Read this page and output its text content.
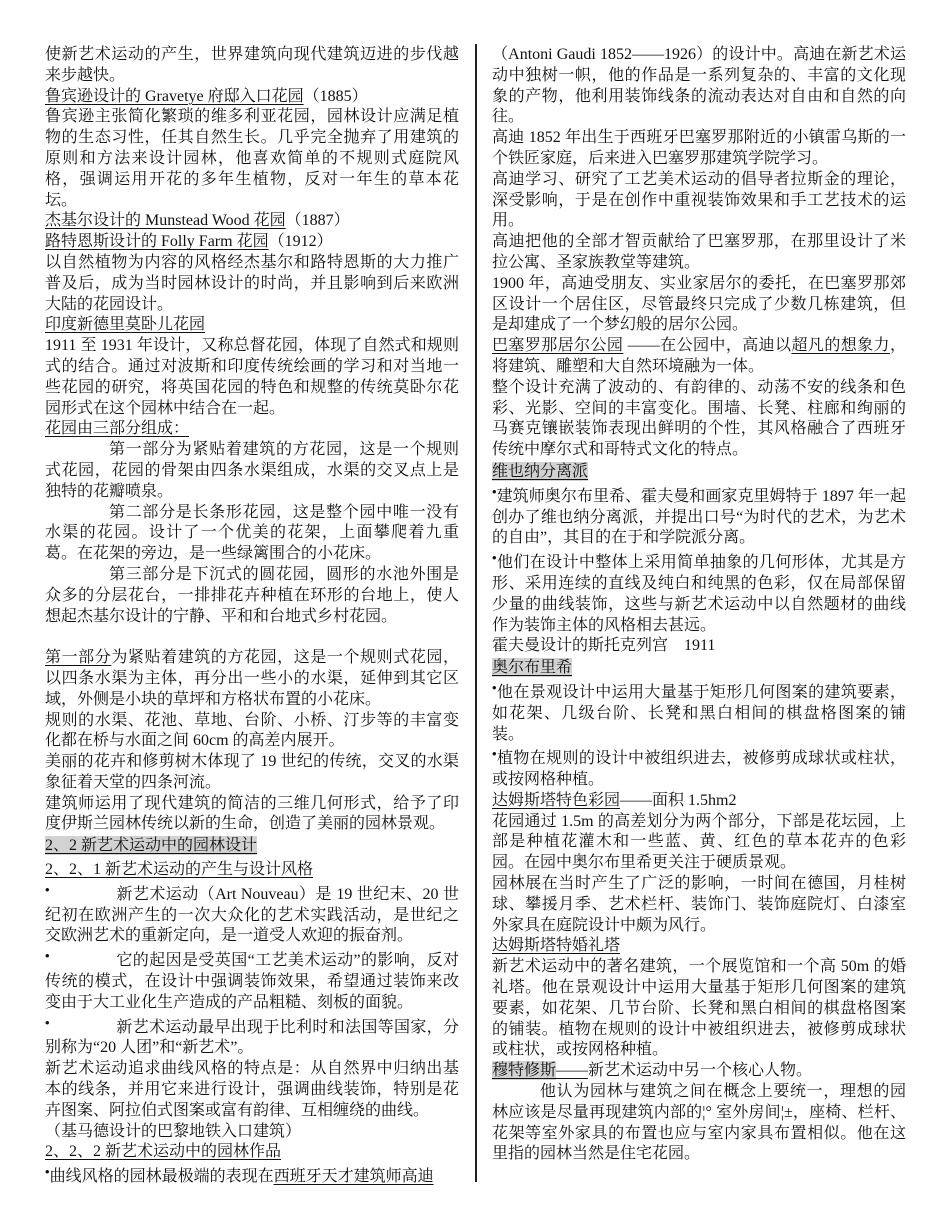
使新艺术运动的产生，世界建筑向现代建筑迈进的步伐越来步越快。

鲁宾逊设计的 Gravetye 府邸入口花园（1885）

鲁宾逊主张简化繁琐的维多利亚花园，园林设计应满足植物的生态习性，任其自然生长。几乎完全抛弃了用建筑的原则和方法来设计园林，他喜欢简单的不规则式庭院风格，强调运用开花的多年生植物，反对一年生的草本花坛。

杰基尔设计的 Munstead Wood 花园（1887）

路特恩斯设计的 Folly Farm 花园（1912）

以自然植物为内容的风格经杰基尔和路特恩斯的大力推广普及后，成为当时园林设计的时尚，并且影响到后来欧洲大陆的花园设计。

印度新德里莫卧儿花园

1911 至 1931 年设计，又称总督花园，体现了自然式和规则式的结合。通过对波斯和印度传统绘画的学习和对当地一些花园的研究，将英国花园的特色和规整的传统莫卧尔花园形式在这个园林中结合在一起。

花园由三部分组成：

第一部分为紧贴着建筑的方花园，这是一个规则式花园，花园的骨架由四条水渠组成，水渠的交叉点上是独特的花瓣喷泉。

第二部分是长条形花园，这是整个园中唯一没有水渠的花园。设计了一个优美的花架，上面攀爬着九重葛。在花架的旁边，是一些绿篱围合的小花床。

第三部分是下沉式的圆花园，圆形的水池外围是众多的分层花台，一排排花卉种植在环形的台地上，使人想起杰基尔设计的宁静、平和和台地式乡村花园。

第一部分为紧贴着建筑的方花园，这是一个规则式花园，以四条水渠为主体，再分出一些小的水渠，延伸到其它区域，外侧是小块的草坪和方格状布置的小花床。

规则的水渠、花池、草地、台阶、小桥、汀步等的丰富变化都在桥与水面之间 60cm 的高差内展开。

美丽的花卉和修剪树木体现了 19 世纪的传统，交叉的水渠象征着天堂的四条河流。

建筑师运用了现代建筑的简洁的三维几何形式，给予了印度伊斯兰园林传统以新的生命，创造了美丽的园林景观。

2、2 新艺术运动中的园林设计

2、2、1 新艺术运动的产生与设计风格

•	新艺术运动（Art Nouveau）是 19 世纪末、20 世纪初在欧洲产生的一次大众化的艺术实践活动，是世纪之交欧洲艺术的重新定向，是一道受人欢迎的振奋剂。

•	它的起因是受英国“工艺美术运动”的影响，反对传统的模式，在设计中强调装饰效果，希望通过装饰来改变由于大工业化生产造成的产品粗糙、刻板的面貌。

•	新艺术运动最早出现于比利时和法国等国家，分别称为“20 人团”和“新艺术”。

新艺术运动追求曲线风格的特点是：从自然界中归纳出基本的线条，并用它来进行设计，强调曲线装饰，特别是花卉图案、阿拉伯式图案或富有韵律、互相缠绕的曲线。

（基马德设计的巴黎地铁入口建筑）

2、2、2 新艺术运动中的园林作品

•曲线风格的园林最极端的表现在西班牙天才建筑师高迪

（Antoni Gaudi 1852——1926）的设计中。高迪在新艺术运动中独树一帜，他的作品是一系列复杂的、丰富的文化现象的产物，他利用装饰线条的流动表达对自由和自然的向往。

高迪 1852 年出生于西班牙巴塞罗那附近的小镇雷乌斯的一个铁匠家庭，后来进入巴塞罗那建筑学院学习。

高迪学习、研究了工艺美术运动的倡导者拉斯金的理论，深受影响，于是在创作中重视装饰效果和手工艺技术的运用。

高迪把他的全部才智贡献给了巴塞罗那，在那里设计了米拉公寓、圣家族教堂等建筑。

1900 年，高迪受朋友、实业家居尔的委托，在巴塞罗那郊区设计一个居住区，尽管最终只完成了少数几栋建筑，但是却建成了一个梦幻般的居尔公园。

巴塞罗那居尔公园 ——在公园中，高迪以超凡的想象力，将建筑、雕塑和大自然环境融为一体。

整个设计充满了波动的、有韵律的、动荡不安的线条和色彩、光影、空间的丰富变化。围墙、长凳、柱廊和绚丽的马赛克镶嵌装饰表现出鲜明的个性，其风格融合了西班牙传统中摩尔式和哥特式文化的特点。

维也纳分离派

•建筑师奥尔布里希、霍夫曼和画家克里姆特于 1897 年一起创办了维也纳分离派，并提出口号“为时代的艺术，为艺术的自由”，其目的在于和学院派分离。

•他们在设计中整体上采用简单抽象的几何形体，尤其是方形、采用连续的直线及纯白和纯黑的色彩，仅在局部保留少量的曲线装饰，这些与新艺术运动中以自然题材的曲线作为装饰主体的风格相去甚远。

霍夫曼设计的斯托克列宫    1911

奥尔布里希

•他在景观设计中运用大量基于矩形几何图案的建筑要素，如花架、几级台阶、长凳和黑白相间的棋盘格图案的铺装。

•植物在规则的设计中被组织进去，被修剪成球状或柱状，或按网格种植。

达姆斯塔特色彩园——面积 1.5hm2

花园通过 1.5m 的高差划分为两个部分，下部是花坛园，上部是种植花灌木和一些蓝、黄、红色的草本花卉的色彩园。在园中奥尔布里希更关注于硬质景观。

园林展在当时产生了广泛的影响，一时间在德国，月桂树球、攀援月季、艺术栏杆、装饰门、装饰庭院灯、白漆室外家具在庭院设计中颇为风行。

达姆斯塔特婚礼塔

新艺术运动中的著名建筑，一个展览馆和一个高 50m 的婚礼塔。他在景观设计中运用大量基于矩形几何图案的建筑要素，如花架、几节台阶、长凳和黑白相间的棋盘格图案的铺装。植物在规则的设计中被组织进去，被修剪成球状或柱状，或按网格种植。

穆特修斯——新艺术运动中另一个核心人物。

他认为园林与建筑之间在概念上要统一，理想的园林应该是尽量再现建筑内部的¦° 室外房间¦±，座椅、栏杆、花架等室外家具的布置也应与室内家具布置相似。他在这里指的园林当然是住宅花园。
